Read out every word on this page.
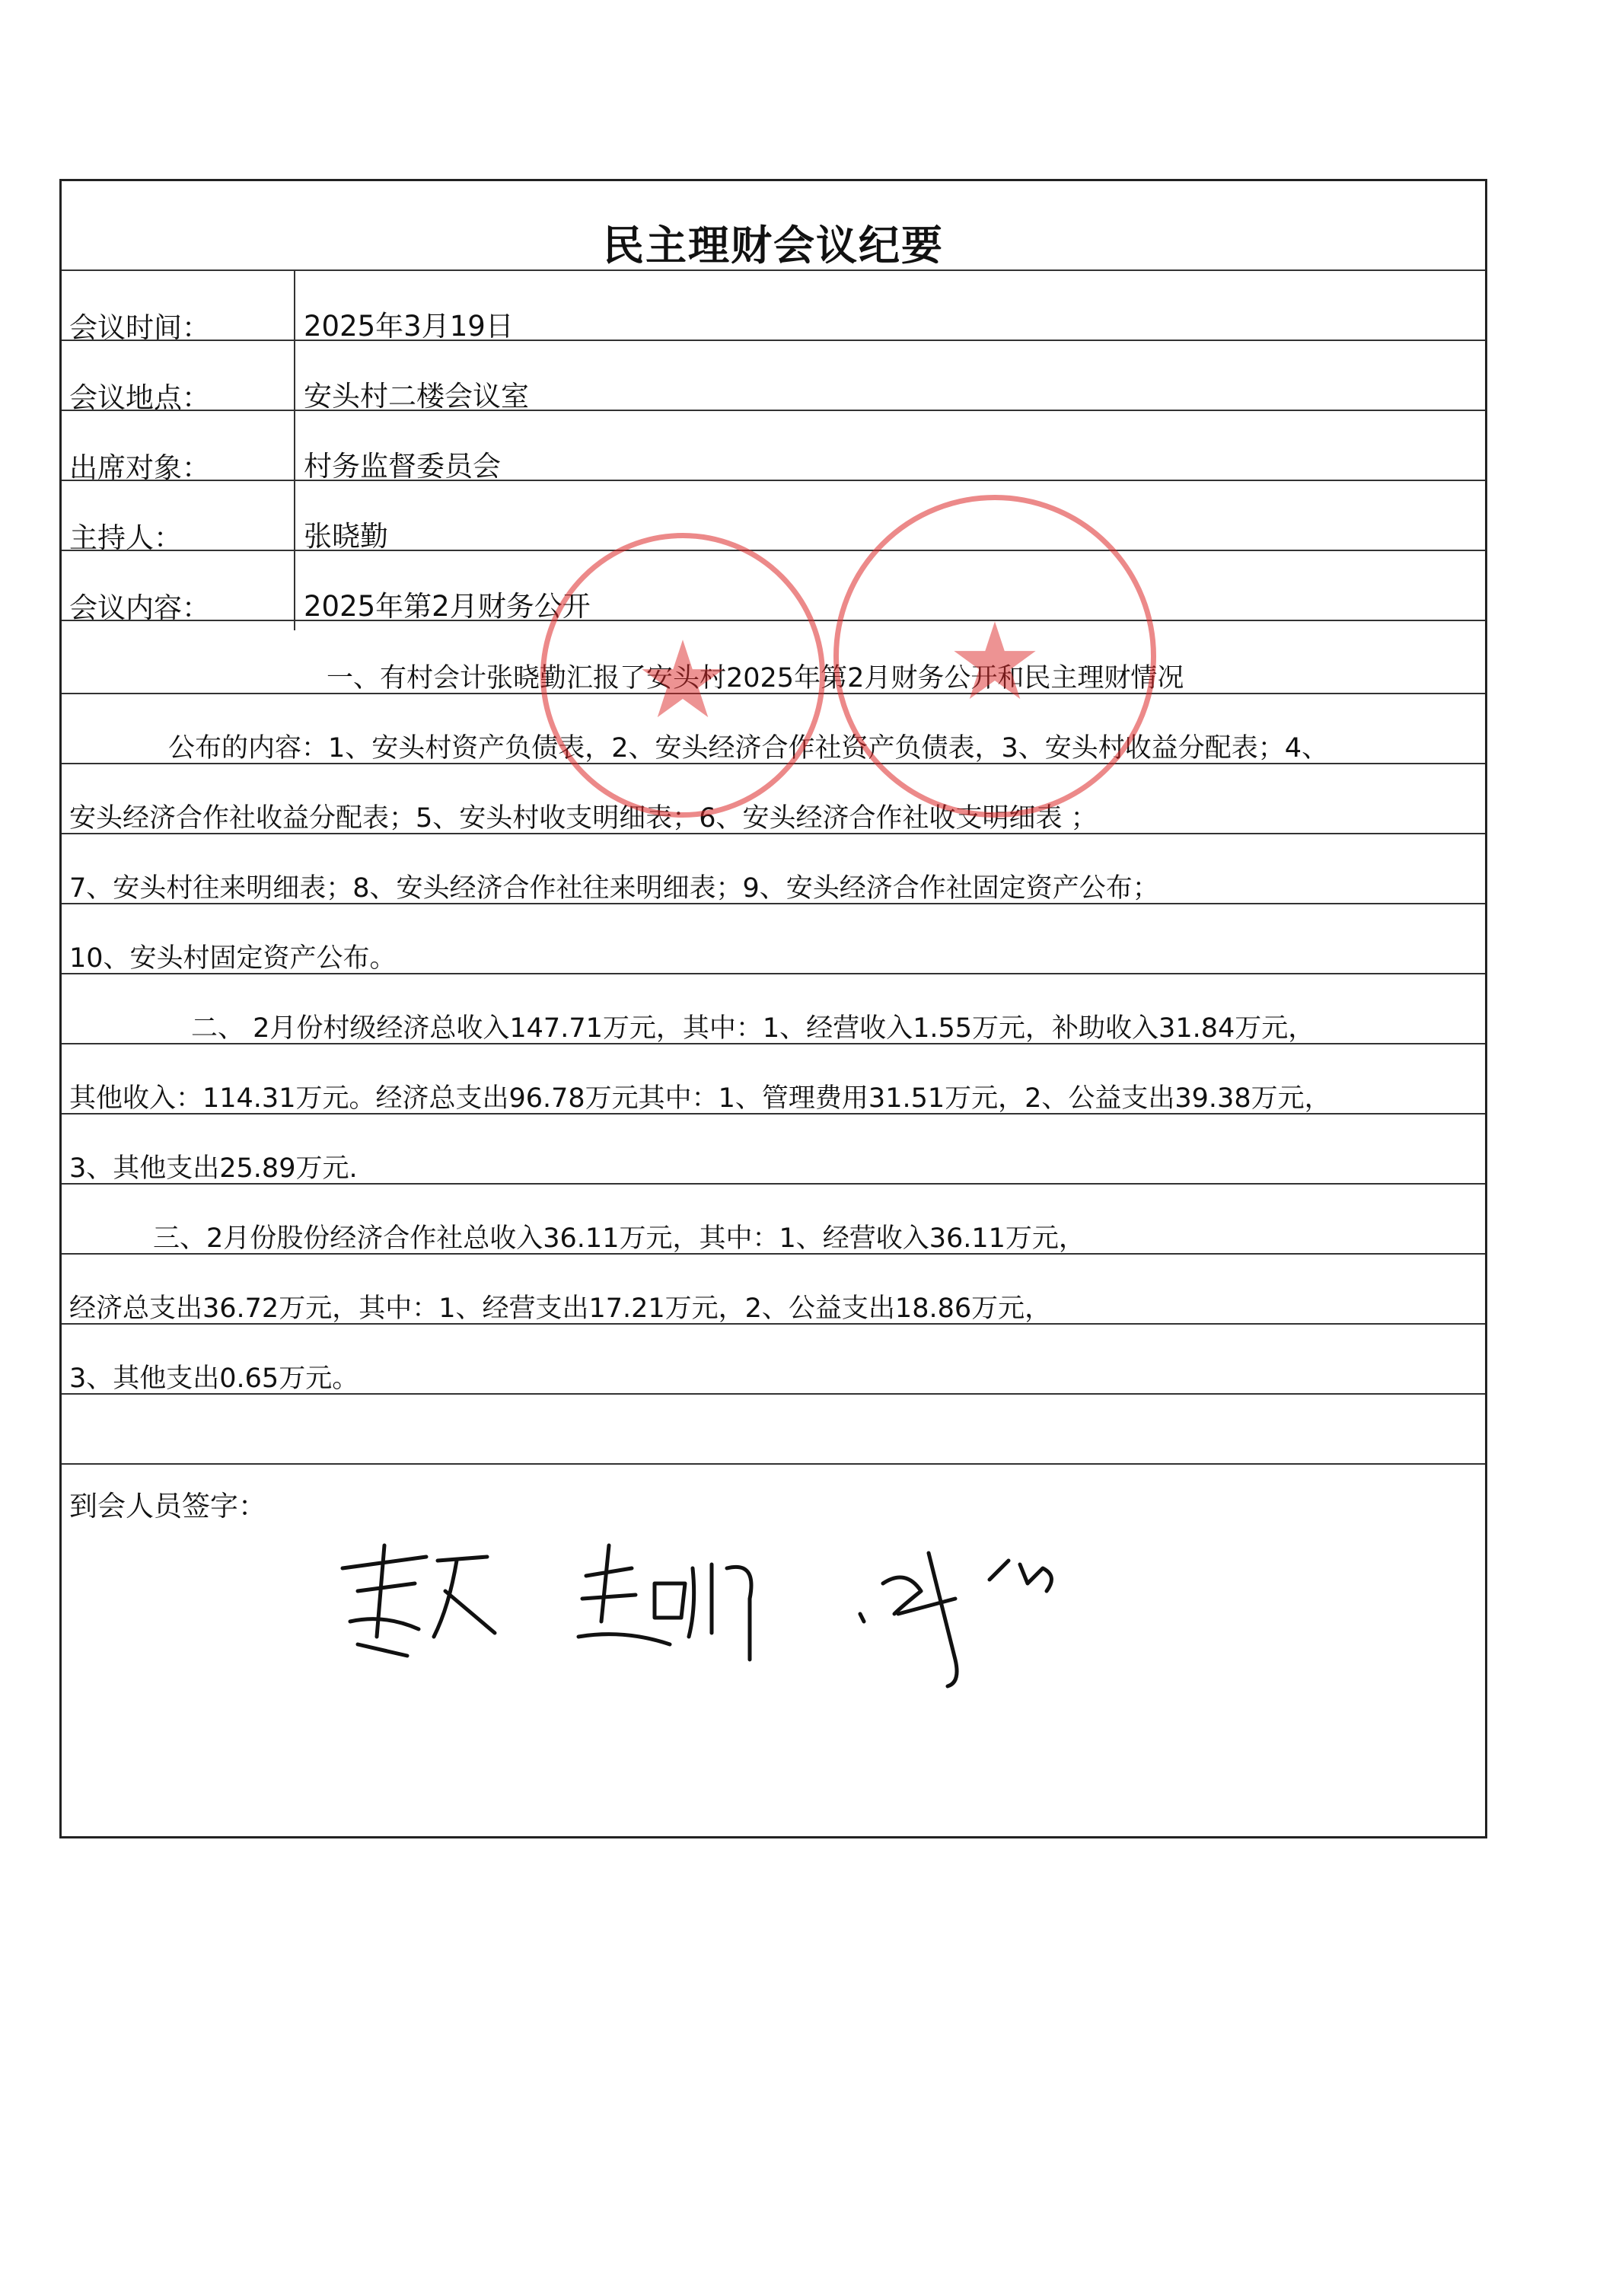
民主理财会议纪要
会议时间：	2025年3月19日
会议地点：	安头村二楼会议室
出席对象：	村务监督委员会
主持人：	张晓勤
会议内容：	2025年第2月财务公开
一、有村会计张晓勤汇报了安头村2025年第2月财务公开和民主理财情况
公布的内容：1、安头村资产负债表，2、安头经济合作社资产负债表，3、安头村收益分配表；4、
安头经济合作社收益分配表；5、安头村收支明细表；6、安头经济合作社收支明细表 ；
7、安头村往来明细表；8、安头经济合作社往来明细表；9、安头经济合作社固定资产公布；
10、安头村固定资产公布。
二、 2月份村级经济总收入147.71万元，其中：1、经营收入1.55万元，补助收入31.84万元，
其他收入：114.31万元。经济总支出96.78万元其中：1、管理费用31.51万元，2、公益支出39.38万元，
3、其他支出25.89万元.
三、2月份股份经济合作社总收入36.11万元，其中：1、经营收入36.11万元，
经济总支出36.72万元，其中：1、经营支出17.21万元，2、公益支出18.86万元，
3、其他支出0.65万元。
到会人员签字：
★ ★
